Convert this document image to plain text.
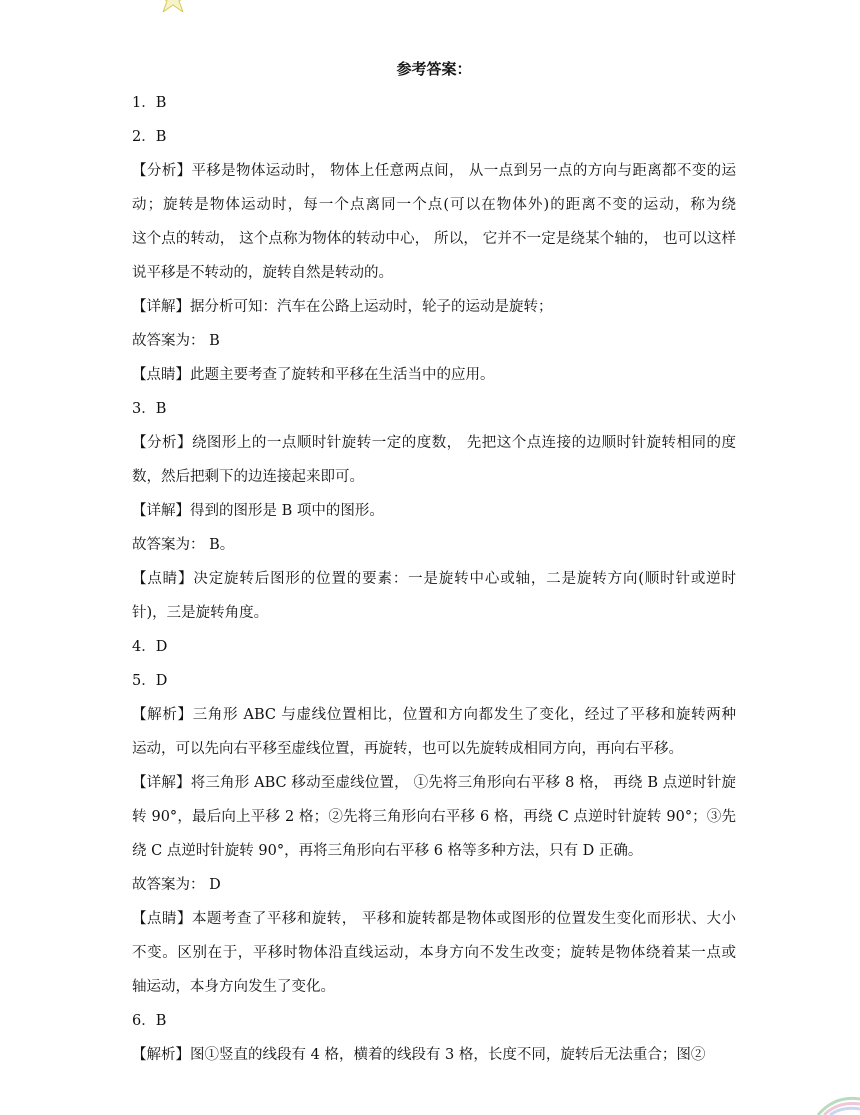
参考答案：
1．B
2．B
【分析】平移是物体运动时， 物体上任意两点间， 从一点到另一点的方向与距离都不变的运
动；旋转是物体运动时，每一个点离同一个点(可以在物体外)的距离不变的运动，称为绕
这个点的转动， 这个点称为物体的转动中心， 所以， 它并不一定是绕某个轴的， 也可以这样
说平移是不转动的，旋转自然是转动的。
【详解】据分析可知：汽车在公路上运动时，轮子的运动是旋转；
故答案为： B
【点睛】此题主要考查了旋转和平移在生活当中的应用。
3．B
【分析】绕图形上的一点顺时针旋转一定的度数， 先把这个点连接的边顺时针旋转相同的度
数，然后把剩下的边连接起来即可。
【详解】得到的图形是 B 项中的图形。
故答案为： B。
【点睛】决定旋转后图形的位置的要素：一是旋转中心或轴，二是旋转方向(顺时针或逆时
针)，三是旋转角度。
4．D
5．D
【解析】三角形 ABC 与虚线位置相比，位置和方向都发生了变化，经过了平移和旋转两种
运动，可以先向右平移至虚线位置，再旋转，也可以先旋转成相同方向，再向右平移。
【详解】将三角形 ABC 移动至虚线位置， ①先将三角形向右平移 8 格， 再绕 B 点逆时针旋
转 90°，最后向上平移 2 格；②先将三角形向右平移 6 格，再绕 C 点逆时针旋转 90°；③先
绕 C 点逆时针旋转 90°，再将三角形向右平移 6 格等多种方法，只有 D 正确。
故答案为： D
【点睛】本题考查了平移和旋转， 平移和旋转都是物体或图形的位置发生变化而形状、大小
不变。区别在于，平移时物体沿直线运动，本身方向不发生改变；旋转是物体绕着某一点或
轴运动，本身方向发生了变化。
6．B
【解析】图①竖直的线段有 4 格，横着的线段有 3 格，长度不同，旋转后无法重合；图②
